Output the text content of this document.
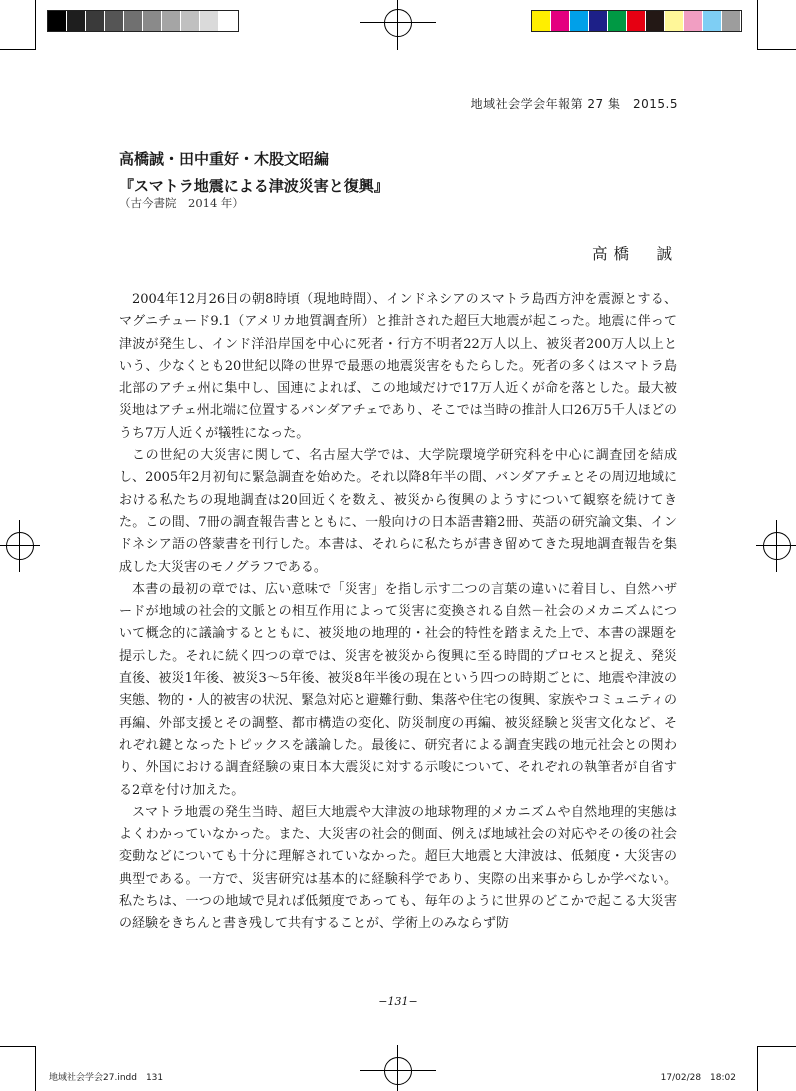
地域社会学会年報第 27 集　2015.5
高橋誠・田中重好・木股文昭編
『スマトラ地震による津波災害と復興』
（古今書院　2014 年）
高橋　誠

2004年12月26日の朝8時頃（現地時間）、インドネシアのスマトラ島西方沖を震源とする、マグニチュード9.1（アメリカ地質調査所）と推計された超巨大地震が起こった。地震に伴って津波が発生し、インド洋沿岸国を中心に死者・行方不明者22万人以上、被災者200万人以上という、少なくとも20世紀以降の世界で最悪の地震災害をもたらした。死者の多くはスマトラ島北部のアチェ州に集中し、国連によれば、この地域だけで17万人近くが命を落とした。最大被災地はアチェ州北端に位置するバンダアチェであり、そこでは当時の推計人口26万5千人ほどのうち7万人近くが犠牲になった。

この世紀の大災害に関して、名古屋大学では、大学院環境学研究科を中心に調査団を結成し、2005年2月初旬に緊急調査を始めた。それ以降8年半の間、バンダアチェとその周辺地域における私たちの現地調査は20回近くを数え、被災から復興のようすについて観察を続けてきた。この間、7冊の調査報告書とともに、一般向けの日本語書籍2冊、英語の研究論文集、インドネシア語の啓蒙書を刊行した。本書は、それらに私たちが書き留めてきた現地調査報告を集成した大災害のモノグラフである。

本書の最初の章では、広い意味で「災害」を指し示す二つの言葉の違いに着目し、自然ハザードが地域の社会的文脈との相互作用によって災害に変換される自然－社会のメカニズムについて概念的に議論するとともに、被災地の地理的・社会的特性を踏まえた上で、本書の課題を提示した。それに続く四つの章では、災害を被災から復興に至る時間的プロセスと捉え、発災直後、被災1年後、被災3～5年後、被災8年半後の現在という四つの時期ごとに、地震や津波の実態、物的・人的被害の状況、緊急対応と避難行動、集落や住宅の復興、家族やコミュニティの再編、外部支援とその調整、都市構造の変化、防災制度の再編、被災経験と災害文化など、それぞれ鍵となったトピックスを議論した。最後に、研究者による調査実践の地元社会との関わり、外国における調査経験の東日本大震災に対する示唆について、それぞれの執筆者が自省する2章を付け加えた。

スマトラ地震の発生当時、超巨大地震や大津波の地球物理的メカニズムや自然地理的実態はよくわかっていなかった。また、大災害の社会的側面、例えば地域社会の対応やその後の社会変動などについても十分に理解されていなかった。超巨大地震と大津波は、低頻度・大災害の典型である。一方で、災害研究は基本的に経験科学であり、実際の出来事からしか学べない。私たちは、一つの地域で見れば低頻度であっても、毎年のように世界のどこかで起こる大災害の経験をきちんと書き残して共有することが、学術上のみならず防

−131−
地域社会学会27.indd　131	17/02/28　18:02
